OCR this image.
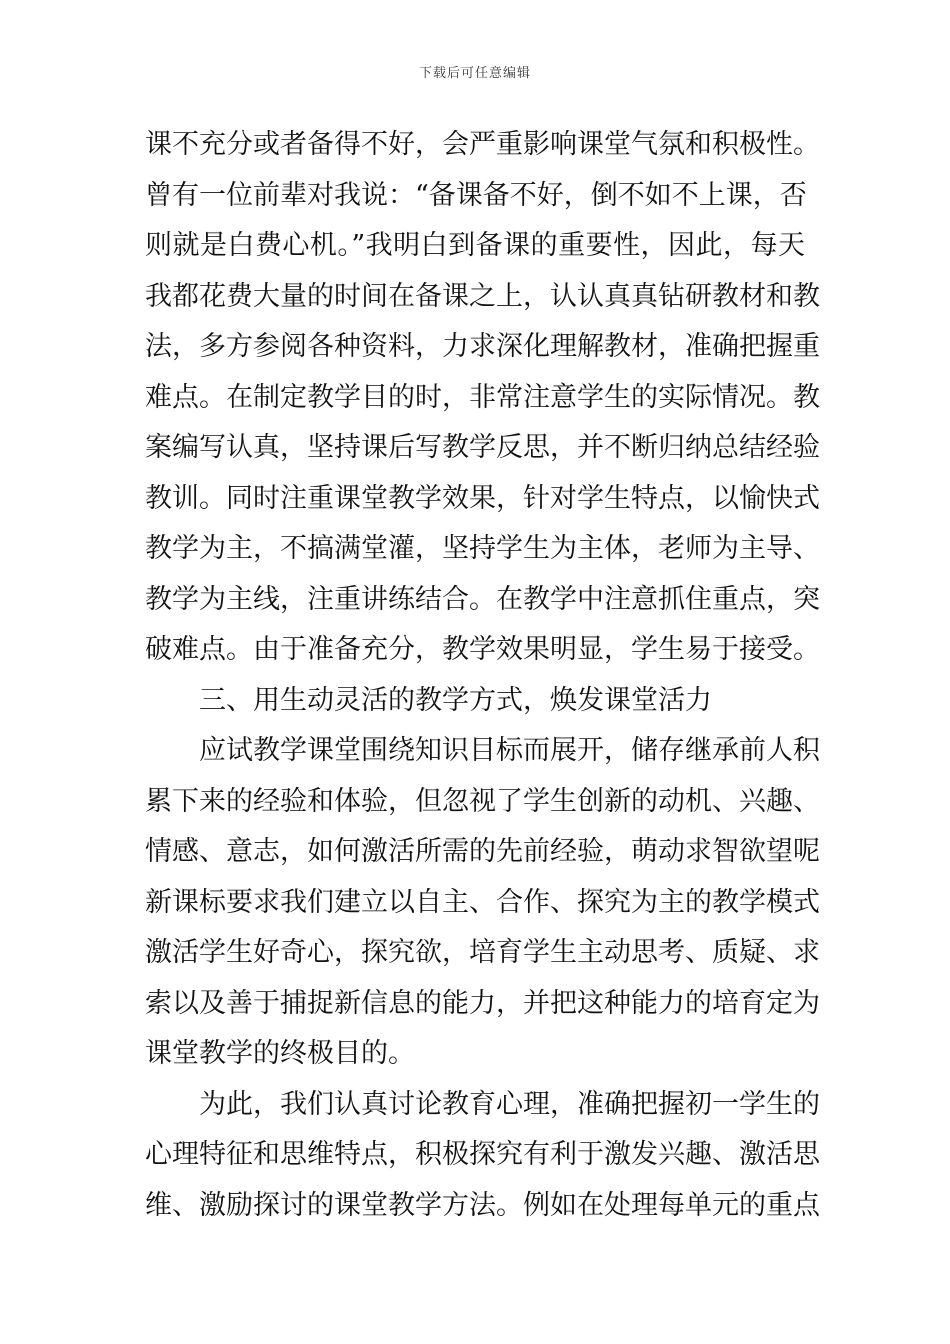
下载后可任意编辑
课不充分或者备得不好，会严重影响课堂气氛和积极性。
曾有一位前辈对我说：“备课备不好，倒不如不上课，否
则就是白费心机。”我明白到备课的重要性，因此，每天
我都花费大量的时间在备课之上，认认真真钻研教材和教
法，多方参阅各种资料，力求深化理解教材，准确把握重
难点。在制定教学目的时，非常注意学生的实际情况。教
案编写认真，坚持课后写教学反思，并不断归纳总结经验
教训。同时注重课堂教学效果，针对学生特点，以愉快式
教学为主，不搞满堂灌，坚持学生为主体，老师为主导、
教学为主线，注重讲练结合。在教学中注意抓住重点，突
破难点。由于准备充分，教学效果明显，学生易于接受。
三、用生动灵活的教学方式，焕发课堂活力
应试教学课堂围绕知识目标而展开，储存继承前人积
累下来的经验和体验，但忽视了学生创新的动机、兴趣、
情感、意志，如何激活所需的先前经验，萌动求智欲望呢
新课标要求我们建立以自主、合作、探究为主的教学模式
激活学生好奇心，探究欲，培育学生主动思考、质疑、求
索以及善于捕捉新信息的能力，并把这种能力的培育定为
课堂教学的终极目的。
为此，我们认真讨论教育心理，准确把握初一学生的
心理特征和思维特点，积极探究有利于激发兴趣、激活思
维、激励探讨的课堂教学方法。例如在处理每单元的重点
